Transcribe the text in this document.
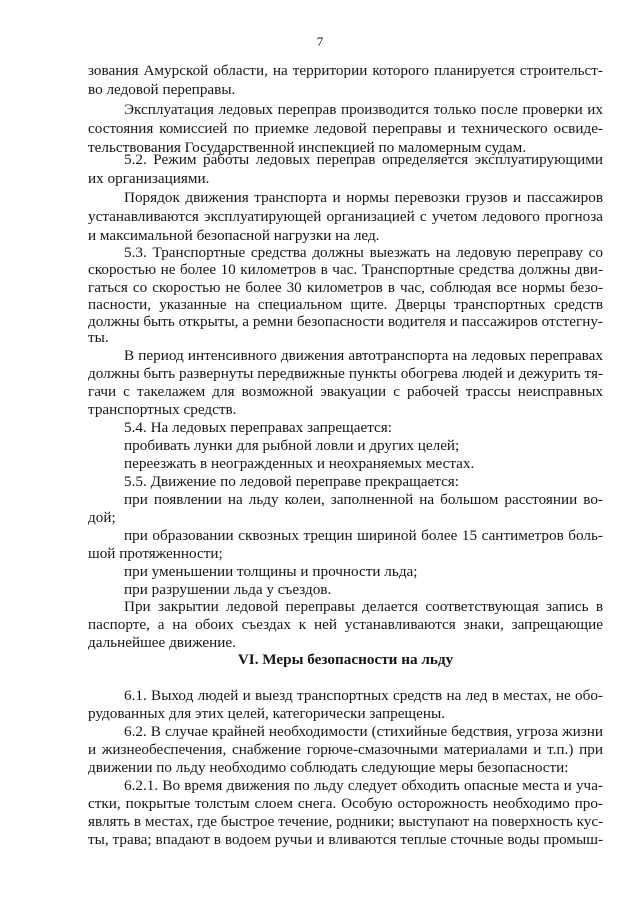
7
зования Амурской области, на территории которого планируется строительст-
во ледовой переправы.
Эксплуатация ледовых переправ производится только после проверки их
состояния комиссией по приемке ледовой переправы и технического освиде-
тельствования Государственной инспекцией по маломерным судам.
5.2. Режим работы ледовых переправ определяется эксплуатирующими
их организациями.
Порядок движения транспорта и нормы перевозки грузов и пассажиров
устанавливаются эксплуатирующей организацией с учетом ледового прогноза
и максимальной безопасной нагрузки на лед.
5.3. Транспортные средства должны выезжать на ледовую переправу со
скоростью не более 10 километров в час. Транспортные средства должны дви-
гаться со скоростью не более 30 километров в час, соблюдая все нормы безо-
пасности, указанные на специальном щите. Дверцы транспортных средств
должны быть открыты, а ремни безопасности водителя и пассажиров отстегну-
ты.
В период интенсивного движения автотранспорта на ледовых переправах
должны быть развернуты передвижные пункты обогрева людей и дежурить тя-
гачи с такелажем для возможной эвакуации с рабочей трассы неисправных
транспортных средств.
5.4. На ледовых переправах запрещается:
пробивать лунки для рыбной ловли и других целей;
переезжать в неогражденных и неохраняемых местах.
5.5. Движение по ледовой переправе прекращается:
при появлении на льду колеи, заполненной на большом расстоянии во-
дой;
при образовании сквозных трещин шириной более 15 сантиметров боль-
шой протяженности;
при уменьшении толщины и прочности льда;
при разрушении льда у съездов.
При закрытии ледовой переправы делается соответствующая запись в
паспорте, а на обоих съездах к ней устанавливаются знаки, запрещающие
дальнейшее движение.
VI. Меры безопасности на льду
6.1. Выход людей и выезд транспортных средств на лед в местах, не обо-
рудованных для этих целей, категорически запрещены.
6.2. В случае крайней необходимости (стихийные бедствия, угроза жизни
и жизнеобеспечения, снабжение горюче-смазочными материалами и т.п.) при
движении по льду необходимо соблюдать следующие меры безопасности:
6.2.1. Во время движения по льду следует обходить опасные места и уча-
стки, покрытые толстым слоем снега. Особую осторожность необходимо про-
являть в местах, где быстрое течение, родники; выступают на поверхность кус-
ты, трава; впадают в водоем ручьи и вливаются теплые сточные воды промыш-
